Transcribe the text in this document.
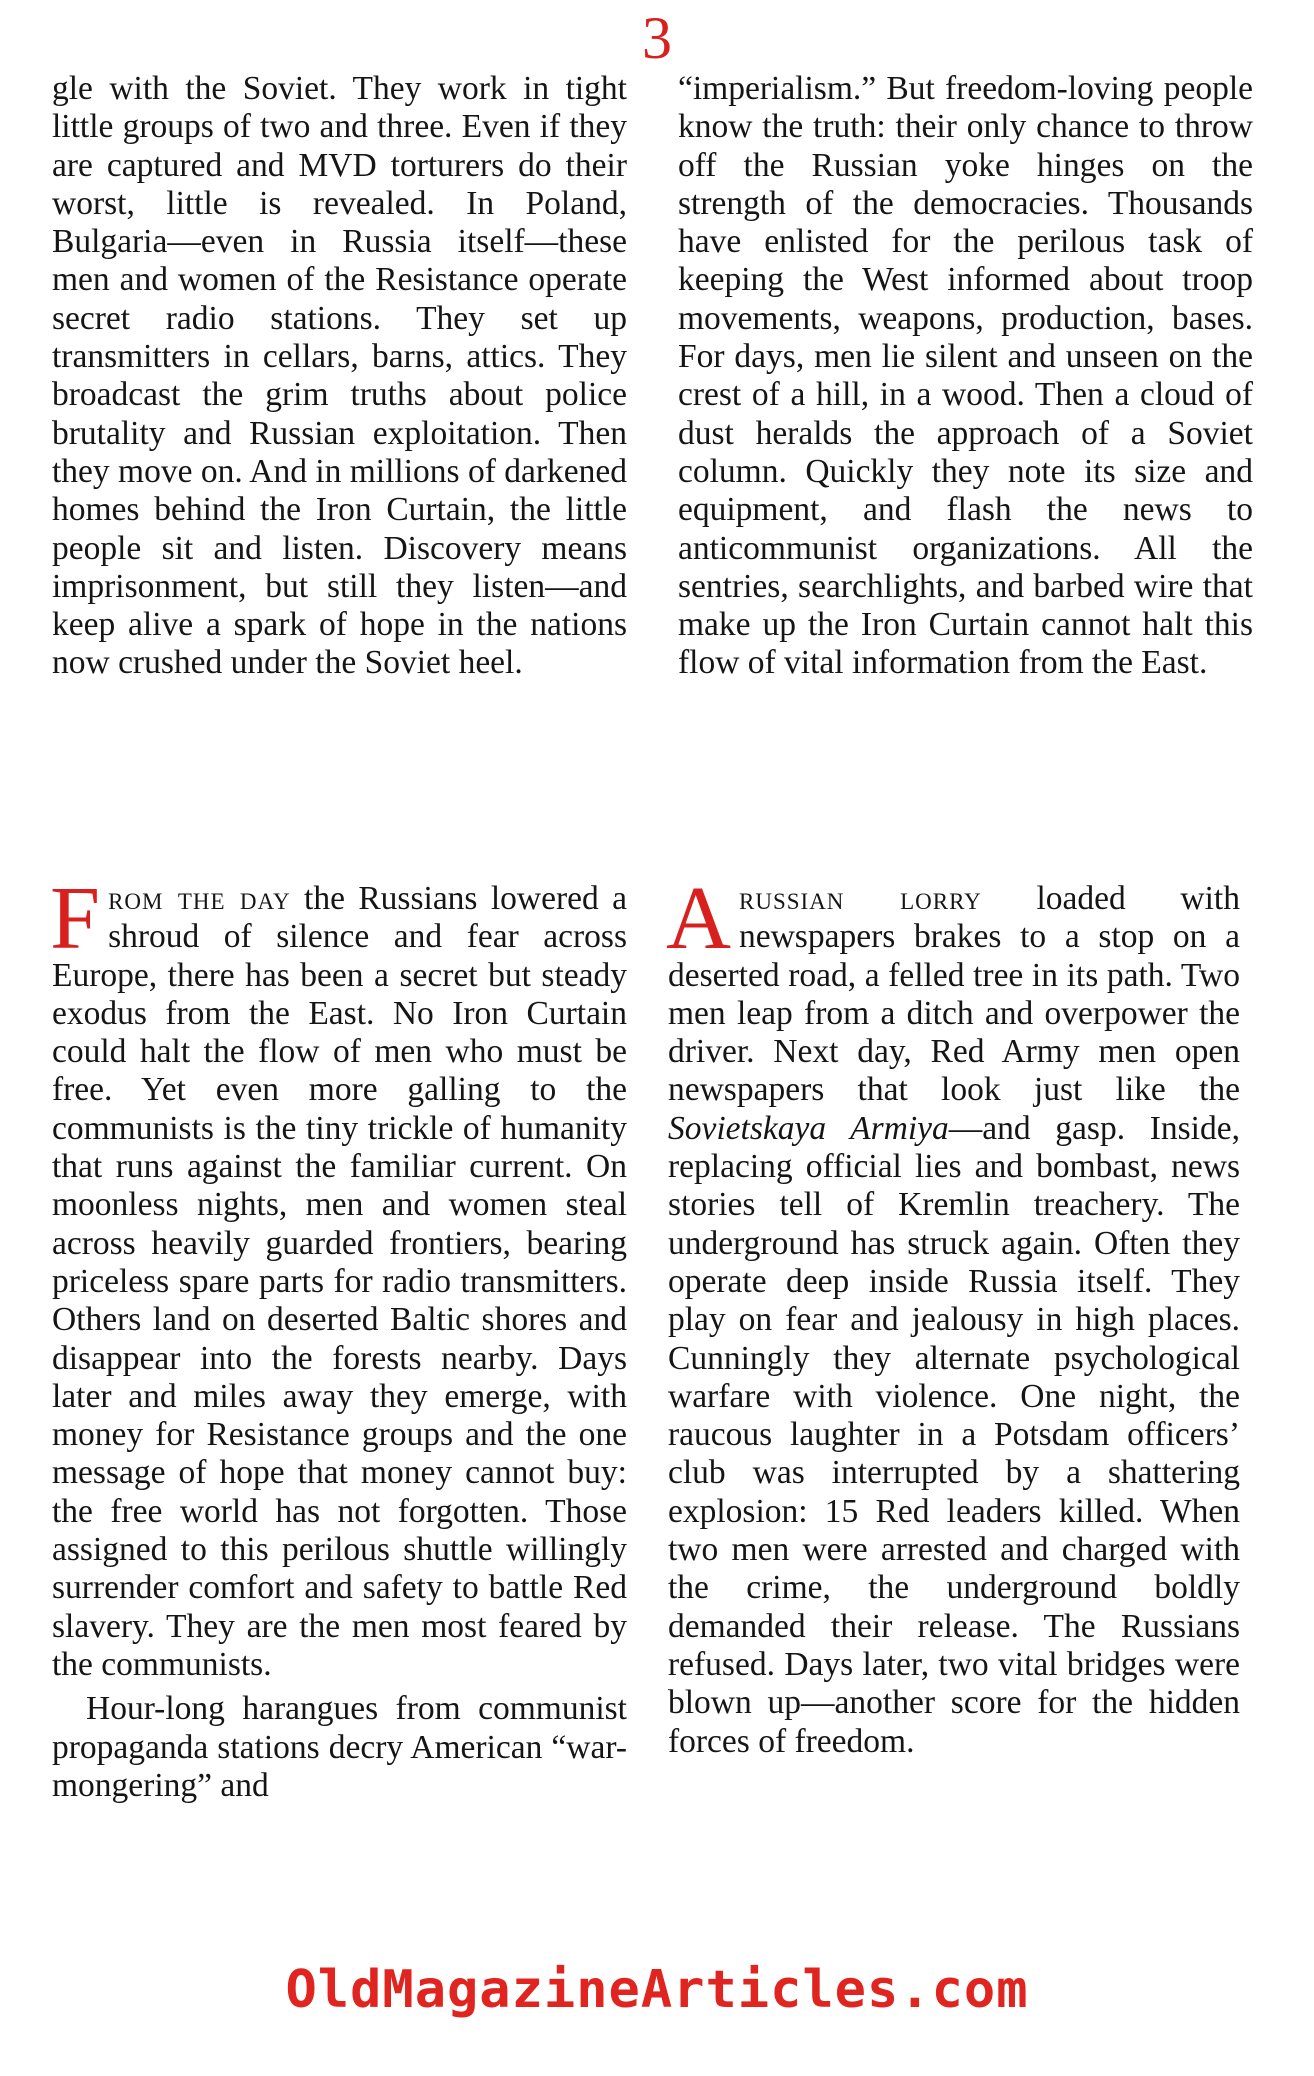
3

gle with the Soviet. They work in tight little groups of two and three. Even if they are captured and MVD torturers do their worst, little is revealed. In Poland, Bulgaria—even in Russia itself—these men and women of the Resistance operate secret radio stations. They set up transmitters in cellars, barns, attics. They broadcast the grim truths about police brutality and Russian exploitation. Then they move on. And in millions of darkened homes behind the Iron Curtain, the little people sit and listen. Discovery means imprisonment, but still they listen—and keep alive a spark of hope in the nations now crushed under the Soviet heel.

“imperialism.” But freedom-loving people know the truth: their only chance to throw off the Russian yoke hinges on the strength of the democracies. Thousands have enlisted for the perilous task of keeping the West informed about troop movements, weapons, production, bases. For days, men lie silent and unseen on the crest of a hill, in a wood. Then a cloud of dust heralds the approach of a Soviet column. Quickly they note its size and equipment, and flash the news to anticommunist organizations. All the sentries, searchlights, and barbed wire that make up the Iron Curtain cannot halt this flow of vital information from the East.

From the day the Russians lowered a shroud of silence and fear across Europe, there has been a secret but steady exodus from the East. No Iron Curtain could halt the flow of men who must be free. Yet even more galling to the communists is the tiny trickle of humanity that runs against the familiar current. On moonless nights, men and women steal across heavily guarded frontiers, bearing priceless spare parts for radio transmitters. Others land on deserted Baltic shores and disappear into the forests nearby. Days later and miles away they emerge, with money for Resistance groups and the one message of hope that money cannot buy: the free world has not forgotten. Those assigned to this perilous shuttle willingly surrender comfort and safety to battle Red slavery. They are the men most feared by the communists.

Hour-long harangues from communist propaganda stations decry American “war-mongering” and

Arussian lorry loaded with newspapers brakes to a stop on a deserted road, a felled tree in its path. Two men leap from a ditch and overpower the driver. Next day, Red Army men open newspapers that look just like the Sovietskaya Armiya—and gasp. Inside, replacing official lies and bombast, news stories tell of Kremlin treachery. The underground has struck again. Often they operate deep inside Russia itself. They play on fear and jealousy in high places. Cunningly they alternate psychological warfare with violence. One night, the raucous laughter in a Potsdam officers’ club was interrupted by a shattering explosion: 15 Red leaders killed. When two men were arrested and charged with the crime, the underground boldly demanded their release. The Russians refused. Days later, two vital bridges were blown up—another score for the hidden forces of freedom.

OldMagazineArticles.com
